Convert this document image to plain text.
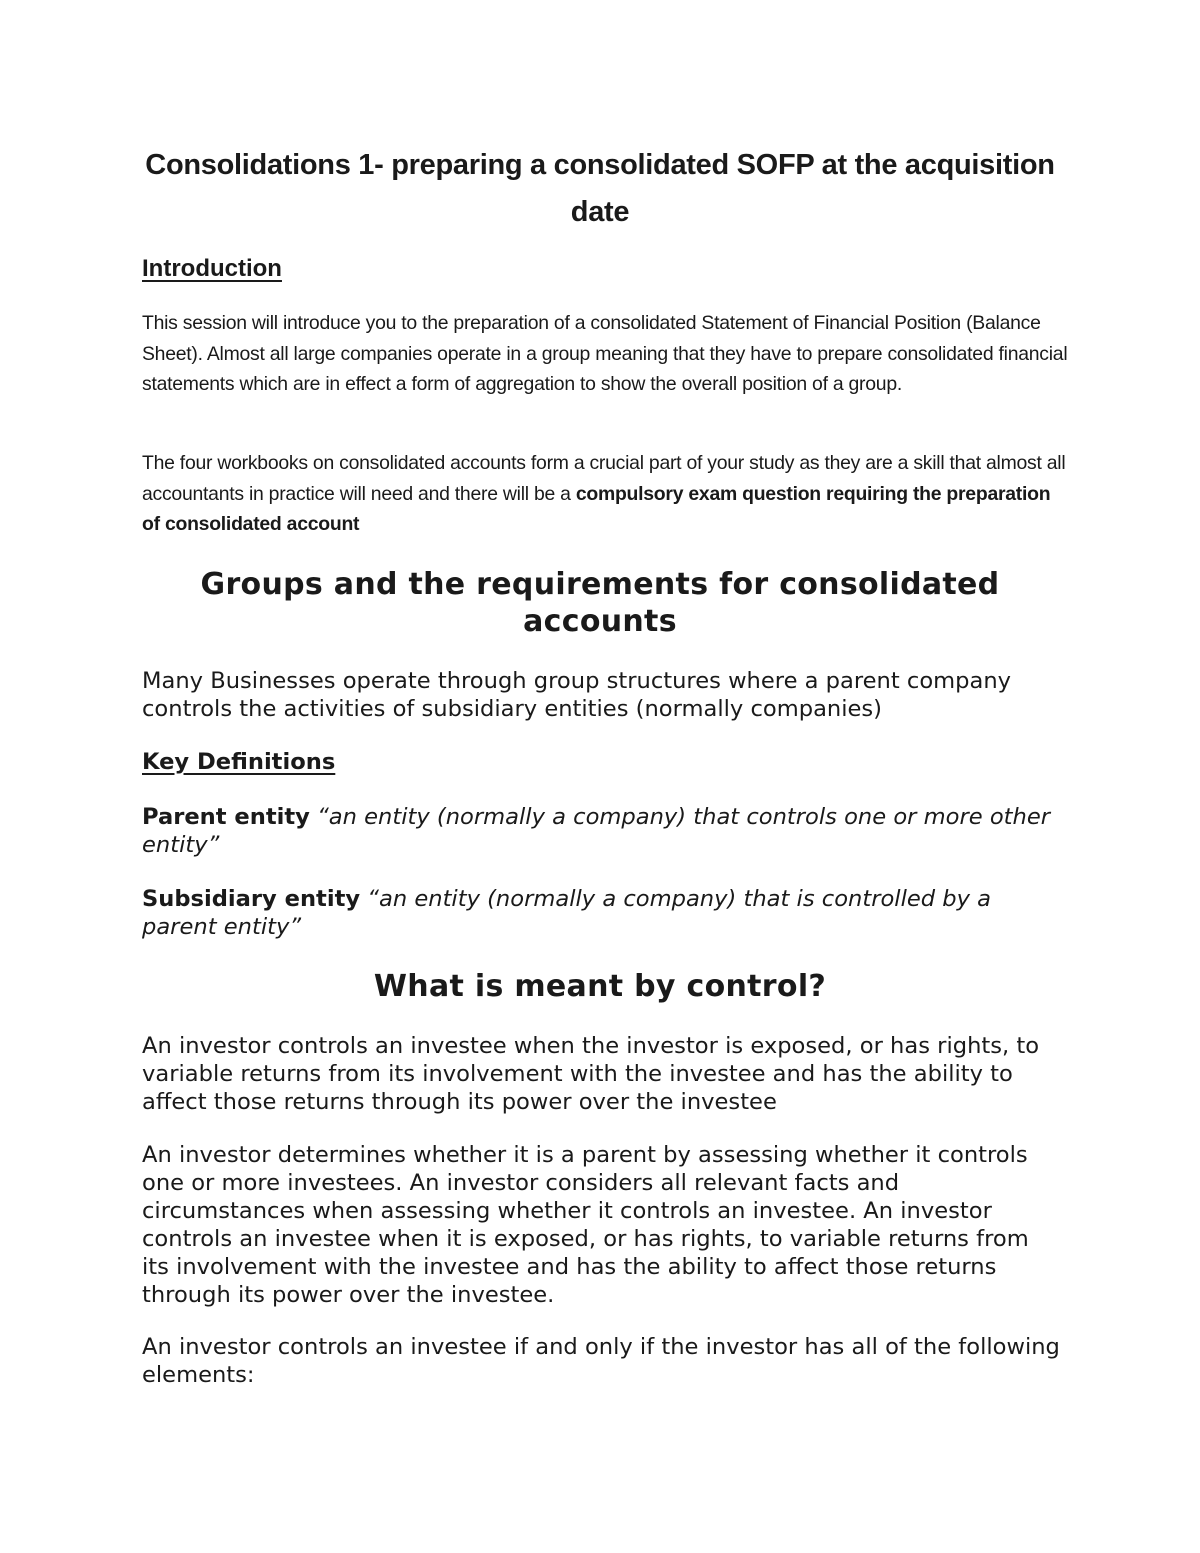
Consolidations 1- preparing a consolidated SOFP at the acquisition date
Introduction

This session will introduce you to the preparation of a consolidated Statement of Financial Position (Balance Sheet). Almost all large companies operate in a group meaning that they have to prepare consolidated financial statements which are in effect a form of aggregation to show the overall position of a group.

The four workbooks on consolidated accounts form a crucial part of your study as they are a skill that almost all accountants in practice will need and there will be a compulsory exam question requiring the preparation of consolidated account

Groups and the requirements for consolidated accounts

Many Businesses operate through group structures where a parent company controls the activities of subsidiary entities (normally companies)

Key Definitions

Parent entity “an entity (normally a company) that controls one or more other entity”

Subsidiary entity “an entity (normally a company) that is controlled by a parent entity”

What is meant by control?

An investor controls an investee when the investor is exposed, or has rights, to variable returns from its involvement with the investee and has the ability to affect those returns through its power over the investee

An investor determines whether it is a parent by assessing whether it controls one or more investees. An investor considers all relevant facts and circumstances when assessing whether it controls an investee. An investor controls an investee when it is exposed, or has rights, to variable returns from its involvement with the investee and has the ability to affect those returns through its power over the investee.

An investor controls an investee if and only if the investor has all of the following elements:
